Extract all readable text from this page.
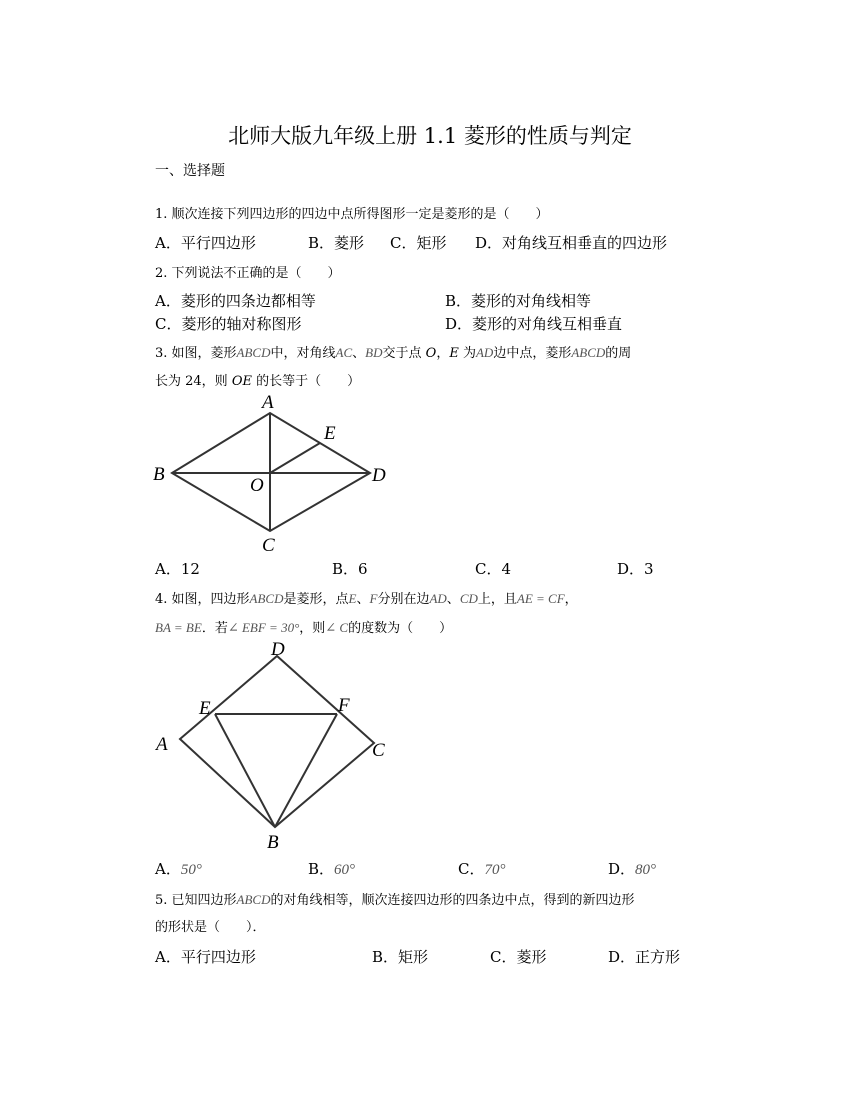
北师大版九年级上册 1.1 菱形的性质与判定
一、选择题
1. 顺次连接下列四边形的四边中点所得图形一定是菱形的是（　　）
A．平行四边形	B．菱形 C．矩形 D．对角线互相垂直的四边形
2. 下列说法不正确的是（　　）
A．菱形的四条边都相等	B．菱形的对角线相等
C．菱形的轴对称图形	D．菱形的对角线互相垂直
3. 如图，菱形ABCD中，对角线AC、BD交于点 O，E 为AD边中点，菱形ABCD的周
长为 24，则 OE 的长等于（　　）
A
B
C
D
E
O
A．12	B．6	C．4	D．3
4. 如图，四边形ABCD是菱形，点E、F分别在边AD、CD上，且AE = CF，
BA = BE．若∠ EBF = 30°，则∠ C的度数为（　　）
D
E	F
A	C
B
A．50°	B．60°	C．70°	D．80°
5. 已知四边形ABCD的对角线相等，顺次连接四边形的四条边中点，得到的新四边形
的形状是（　　）．
A．平行四边形	B．矩形	C．菱形	D．正方形
